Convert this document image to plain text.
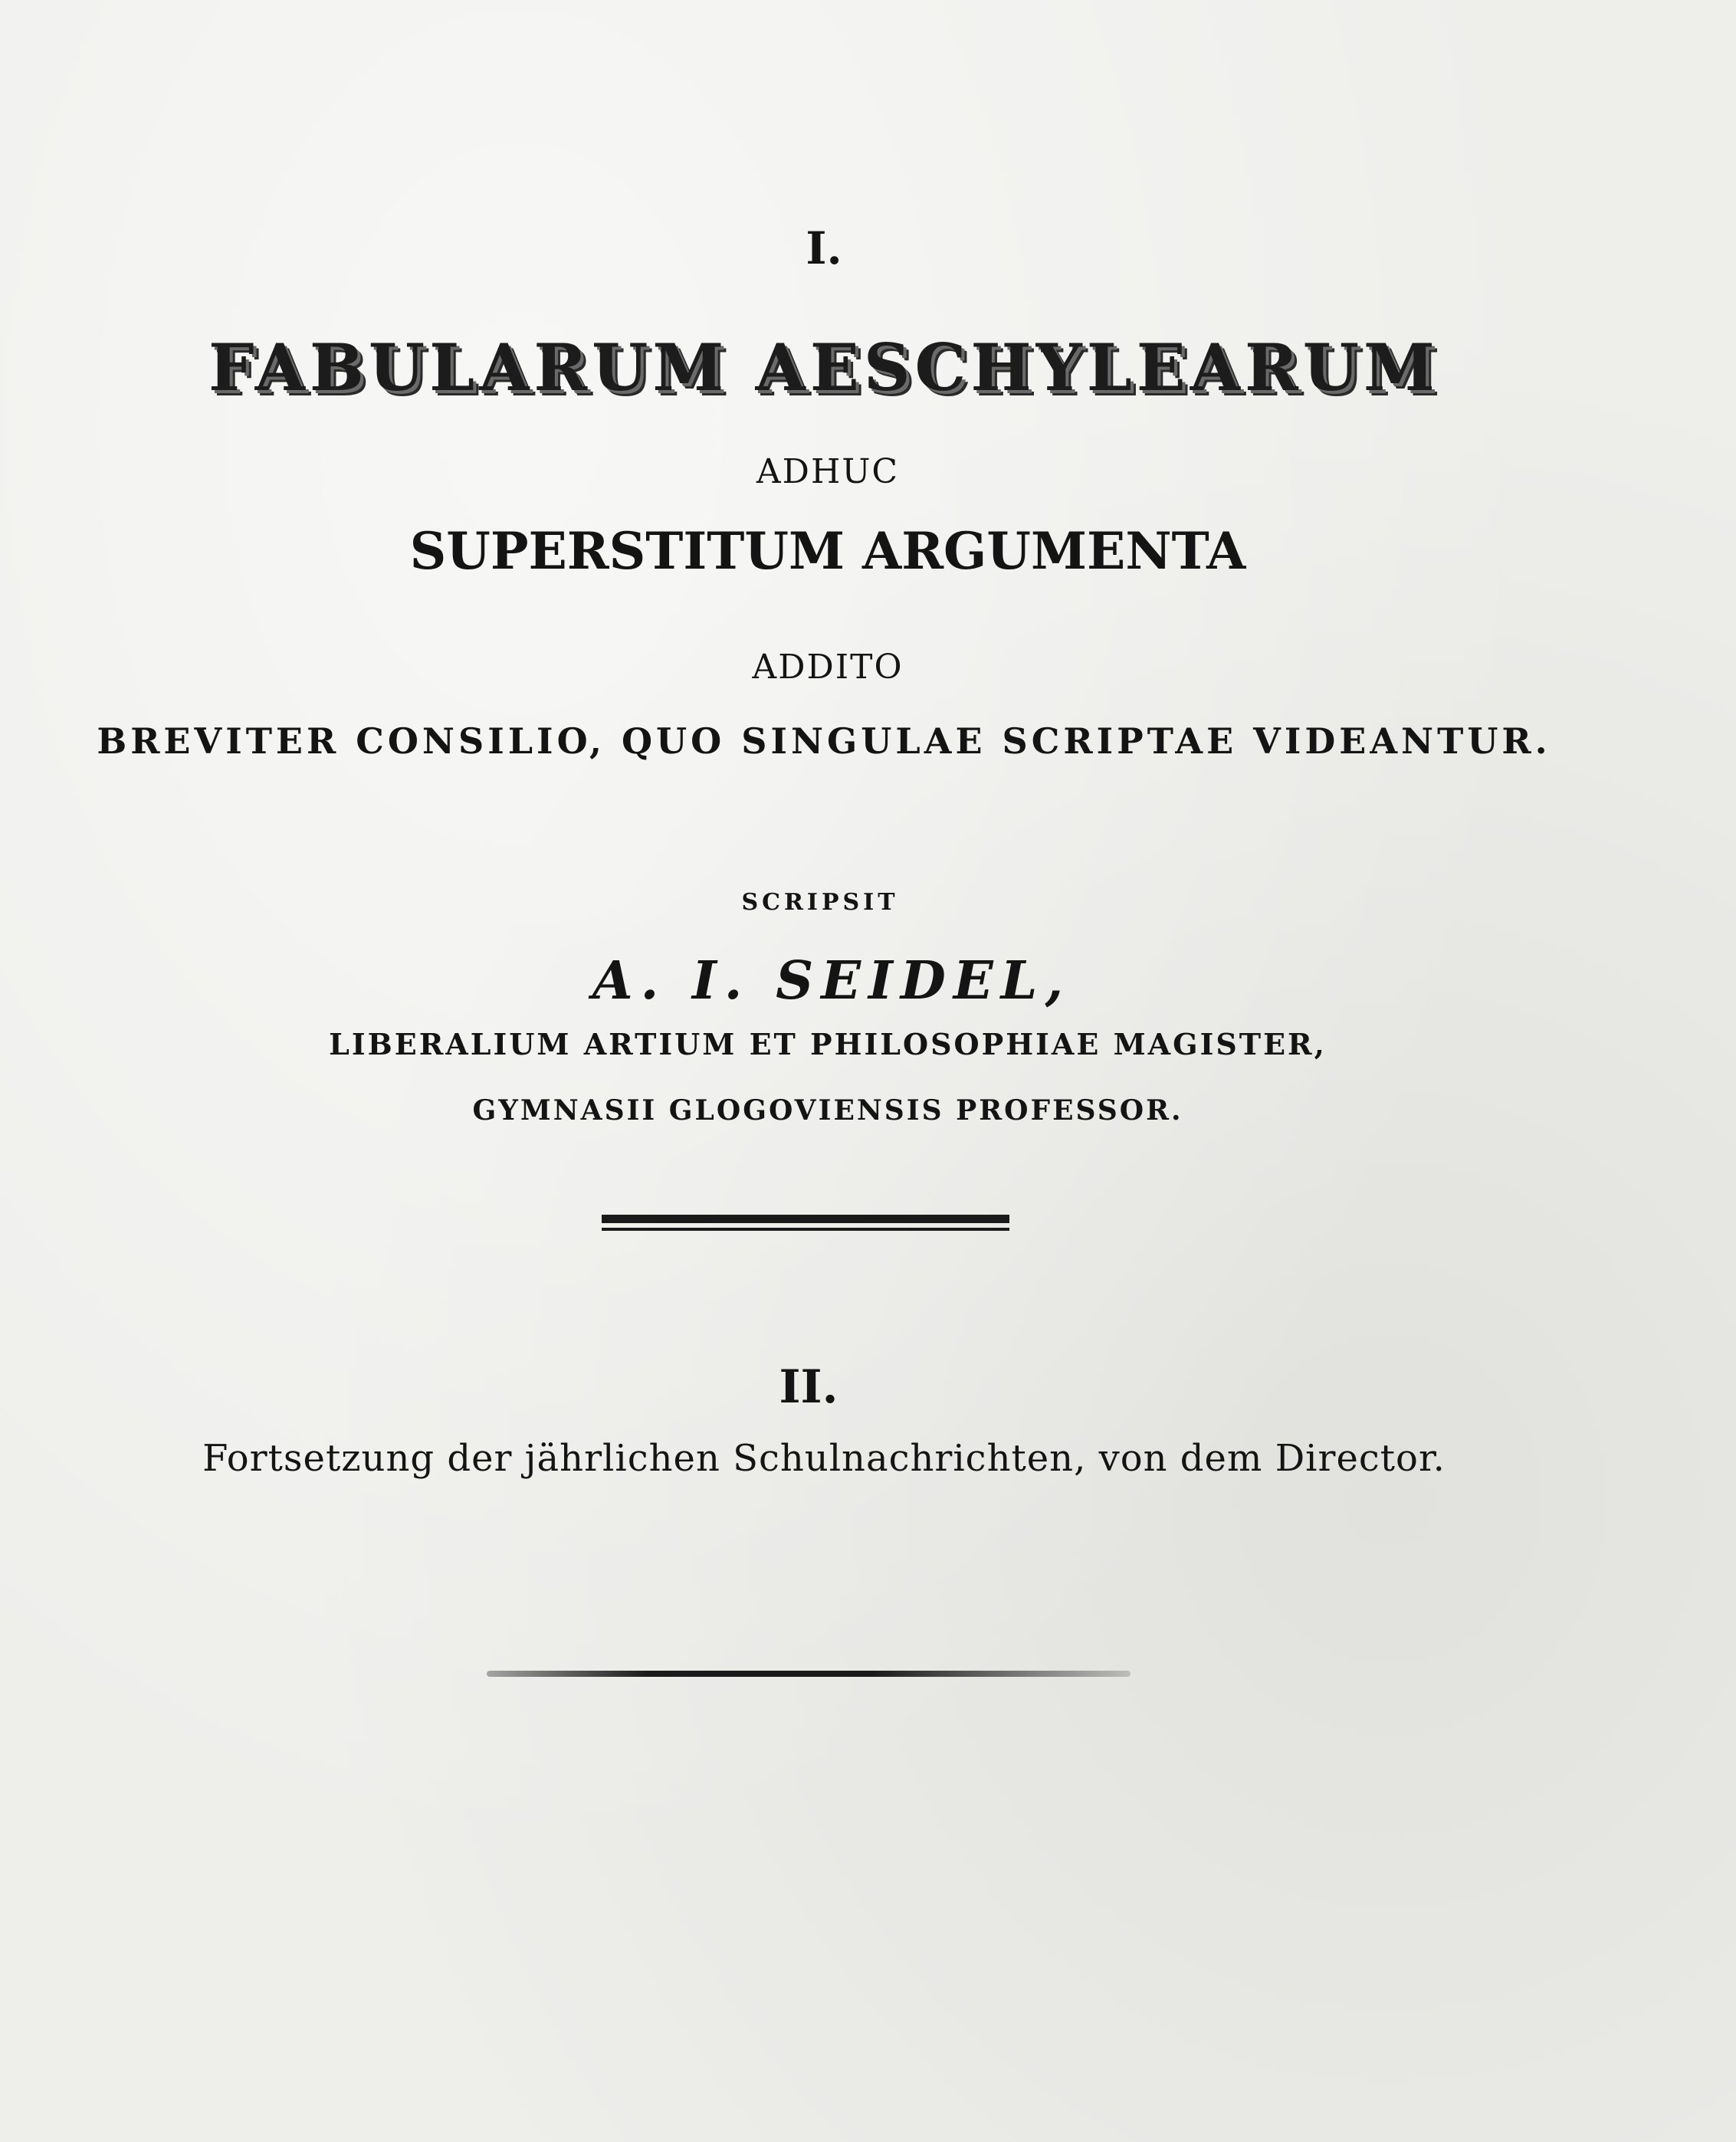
I.
FABULARUM AESCHYLEARUM
ADHUC
SUPERSTITUM ARGUMENTA
ADDITO
BREVITER CONSILIO, QUO SINGULAE SCRIPTAE VIDEANTUR.
SCRIPSIT
A. I. SEIDEL,
LIBERALIUM ARTIUM ET PHILOSOPHIAE MAGISTER,
GYMNASII GLOGOVIENSIS PROFESSOR.
II.
Fortsetzung der jährlichen Schulnachrichten, von dem Director.
